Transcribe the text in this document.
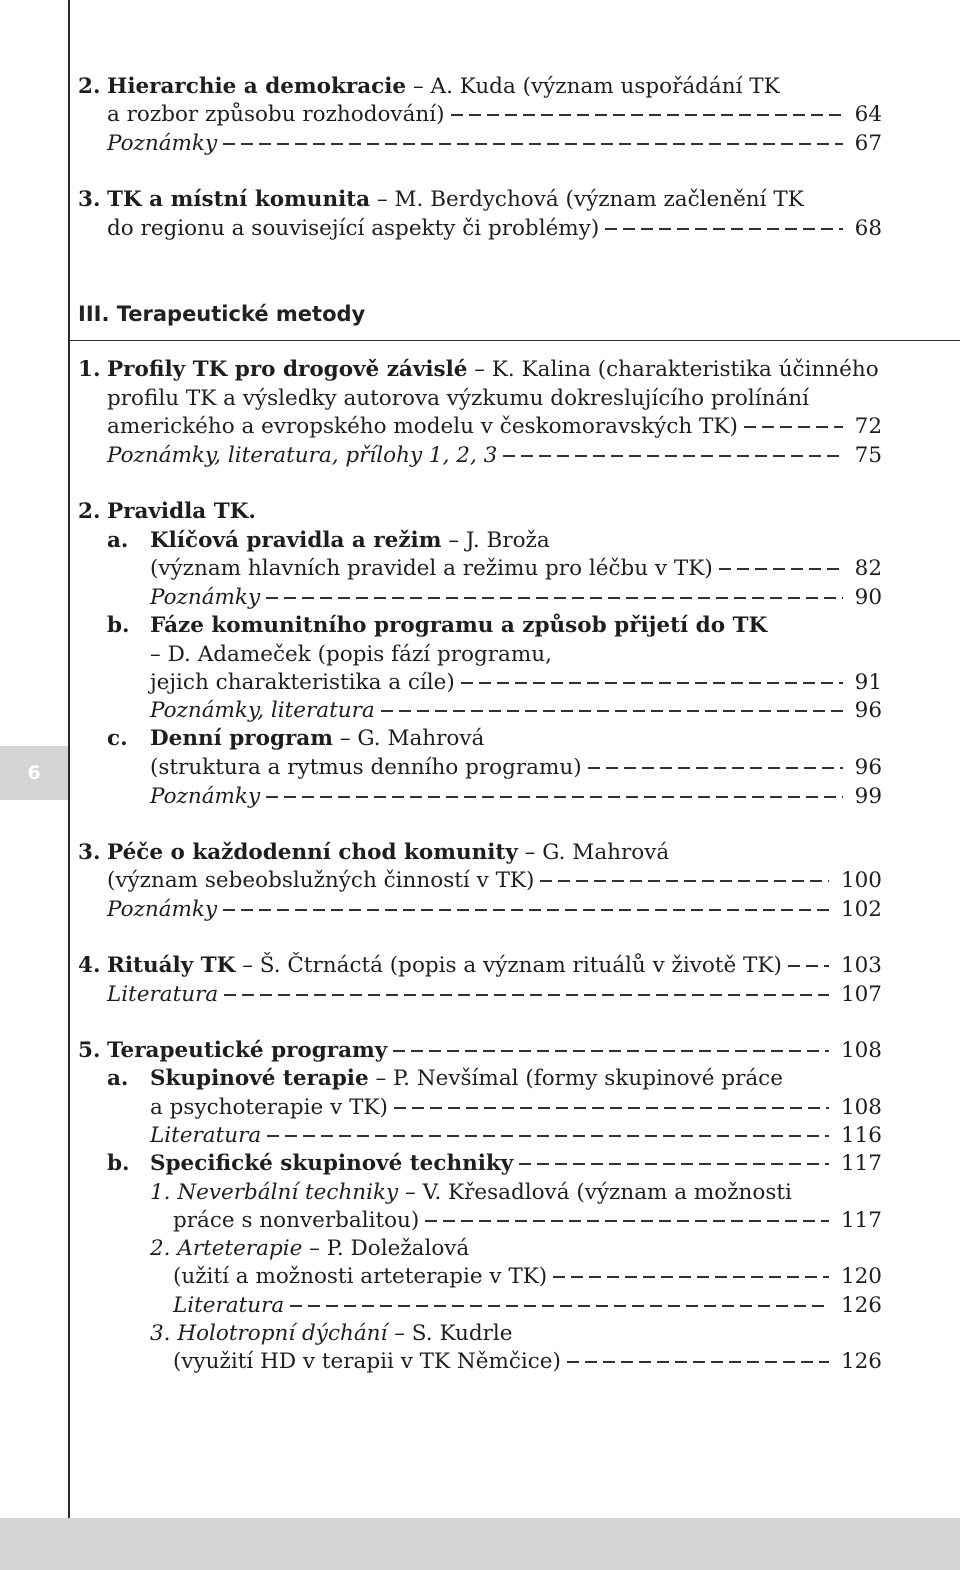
6
III. Terapeutické metody
2. Hierarchie a demokracie – A. Kuda (význam uspořádání TK
a rozbor způsobu rozhodování)	64
Poznámky	67
3. TK a místní komunita – M. Berdychová (význam začlenění TK
do regionu a související aspekty či problémy)	68
1. Profily TK pro drogově závislé – K. Kalina (charakteristika účinného
profilu TK a výsledky autorova výzkumu dokreslujícího prolínání
amerického a evropského modelu v českomoravských TK)	72
Poznámky, literatura, přílohy 1, 2, 3	75
2. Pravidla TK.
a. Klíčová pravidla a režim – J. Broža
(význam hlavních pravidel a režimu pro léčbu v TK)	82
Poznámky	90
b. Fáze komunitního programu a způsob přijetí do TK
– D. Adameček (popis fází programu,
jejich charakteristika a cíle)	91
Poznámky, literatura	96
c. Denní program – G. Mahrová
(struktura a rytmus denního programu)	96
Poznámky	99
3. Péče o každodenní chod komunity – G. Mahrová
(význam sebeobslužných činností v TK)	100
Poznámky	102
4. Rituály TK – Š. Čtrnáctá (popis a význam rituálů v životě TK)	103
Literatura	107
5. Terapeutické programy	108
a. Skupinové terapie – P. Nevšímal (formy skupinové práce
a psychoterapie v TK)	108
Literatura	116
b. Specifické skupinové techniky	117
1. Neverbální techniky – V. Křesadlová (význam a možnosti
práce s nonverbalitou)	117
2. Arteterapie – P. Doležalová
(užití a možnosti arteterapie v TK)	120
Literatura	126
3. Holotropní dýchání – S. Kudrle
(využití HD v terapii v TK Němčice)	126
